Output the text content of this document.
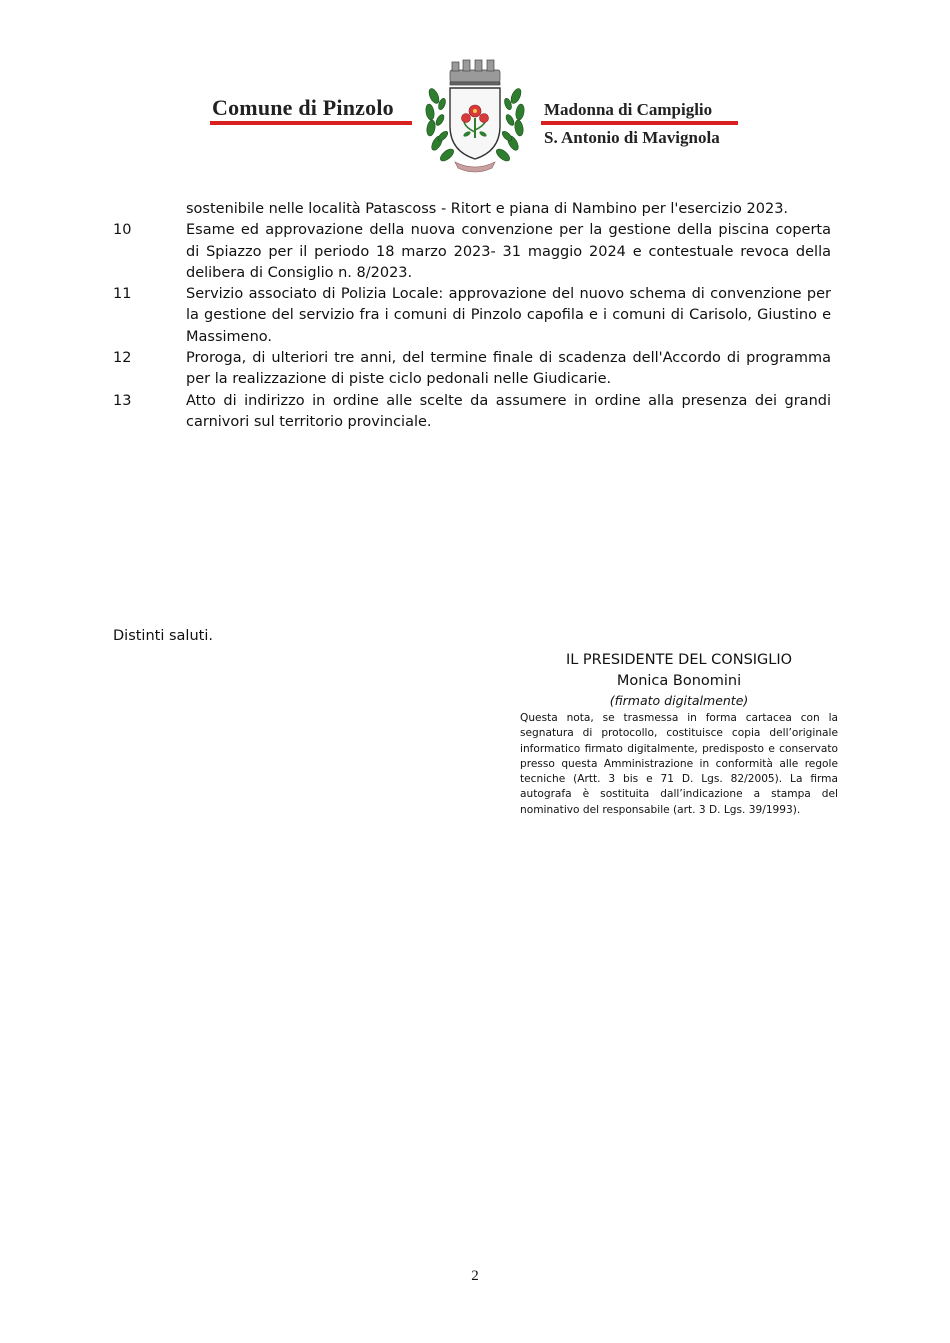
Comune di Pinzolo	Madonna di Campiglio
S. Antonio di Mavignola
sostenibile nelle località Patascoss - Ritort e piana di Nambino per l'esercizio 2023.
10	Esame ed approvazione della nuova convenzione per la gestione della piscina coperta di Spiazzo per il periodo 18 marzo 2023- 31 maggio 2024 e contestuale revoca della delibera di Consiglio n. 8/2023.
11	Servizio associato di Polizia Locale: approvazione del nuovo schema di convenzione per la gestione del servizio fra i comuni di Pinzolo capofila e i comuni di Carisolo, Giustino e Massimeno.
12	Proroga, di ulteriori tre anni, del termine finale di scadenza dell'Accordo di programma per la realizzazione di piste ciclo pedonali nelle Giudicarie.
13	Atto di indirizzo in ordine alle scelte da assumere in ordine alla presenza dei grandi carnivori sul territorio provinciale.
Distinti saluti.
IL PRESIDENTE DEL CONSIGLIO
Monica Bonomini
(firmato digitalmente)
Questa nota, se trasmessa in forma cartacea con la segnatura di protocollo, costituisce copia dell’originale informatico firmato digitalmente, predisposto e conservato presso questa Amministrazione in conformità alle regole tecniche (Artt. 3 bis e 71 D. Lgs. 82/2005). La firma autografa è sostituita dall’indicazione a stampa del nominativo del responsabile (art. 3 D. Lgs. 39/1993).
2
